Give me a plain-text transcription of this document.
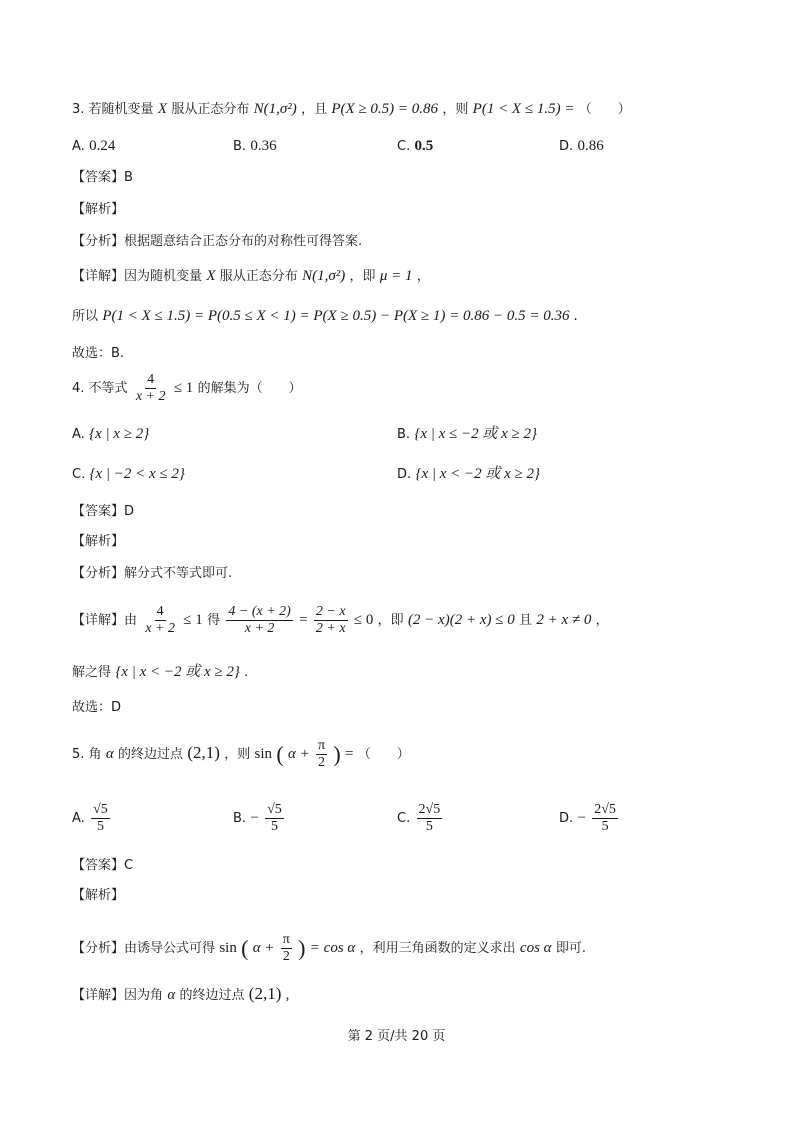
3. 若随机变量 X 服从正态分布 N(1,σ²) ，且 P(X ≥ 0.5) = 0.86 ，则 P(1 < X ≤ 1.5) = （　　）
A. 0.24	B. 0.36	C. 0.5	D. 0.86
【答案】B
【解析】
【分析】根据题意结合正态分布的对称性可得答案.
【详解】因为随机变量 X 服从正态分布 N(1,σ²) ，即 μ = 1 ，
所以 P(1 < X ≤ 1.5) = P(0.5 ≤ X < 1) = P(X ≥ 0.5) − P(X ≥ 1) = 0.86 − 0.5 = 0.36 .
故选：B.
4. 不等式 $\frac{4}{x + 2} \le 1$ 的解集为（　　）
A. {x | x ≥ 2}	B. {x | x ≤ −2 或 x ≥ 2}
C. {x | −2 < x ≤ 2}	D. {x | x < −2 或 x ≥ 2}
【答案】D
【解析】
【分析】解分式不等式即可.
【详解】由 $\frac{4}{x + 2} \le 1$ 得 $\frac{4 - (x + 2)}{x + 2} = \frac{2 - x}{2 + x} \le 0$ ，即 (2 − x)(2 + x) ≤ 0 且 2 + x ≠ 0 ，
解之得 {x | x < −2 或 x ≥ 2} .
故选：D
5. 角 α 的终边过点 (2,1) ，则 sin ( $\alpha + \frac{\pi}{2}$ ) = （　　）
A. $\frac{√5}{5}$	B. − $\frac{√5}{5}$	C. $\frac{2√5}{5}$	D. − $\frac{2√5}{5}$
【答案】C
【解析】
【分析】由诱导公式可得 sin ( $\alpha + \frac{\pi}{2}$ ) = cos α ，利用三角函数的定义求出 cos α 即可.
【详解】因为角 α 的终边过点 (2,1) ,
第 2 页/共 20 页
